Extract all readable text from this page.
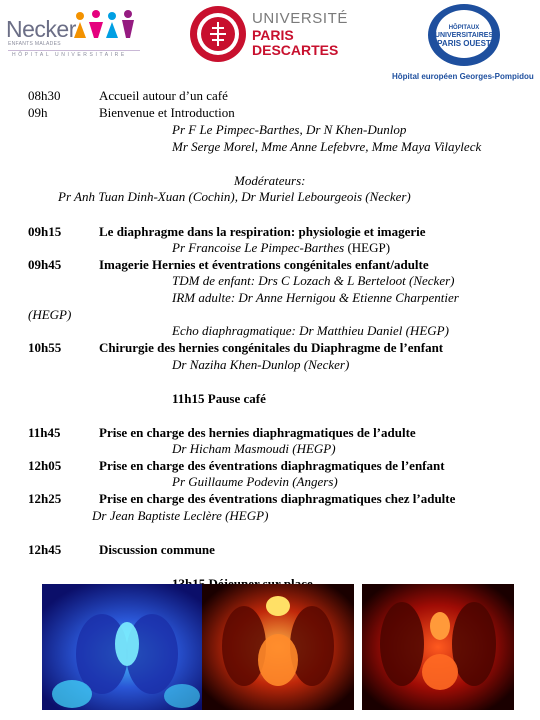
Necker
ENFANTS MALADES
HÔPITAL UNIVERSITAIRE
UNIVERSITÉ
PARIS
DESCARTES
HÔPITAUX
UNIVERSITAIRES
PARIS OUEST
Hôpital européen Georges-Pompidou
08h30	Accueil autour d’un café
09h	Bienvenue et Introduction
Pr F Le Pimpec-Barthes, Dr N Khen-Dunlop
Mr Serge Morel, Mme Anne Lefebvre, Mme Maya Vilayleck
Modérateurs:
Pr Anh Tuan Dinh-Xuan (Cochin), Dr Muriel Lebourgeois (Necker)
09h15	Le diaphragme dans la respiration: physiologie et imagerie
Pr Francoise Le Pimpec-Barthes (HEGP)
09h45	Imagerie Hernies et éventrations congénitales enfant/adulte
TDM de enfant: Drs C Lozach & L Berteloot (Necker)
IRM adulte: Dr Anne Hernigou & Etienne Charpentier
(HEGP)
Echo diaphragmatique: Dr Matthieu Daniel (HEGP)
10h55	Chirurgie des hernies congénitales du Diaphragme de l’enfant
Dr Naziha Khen-Dunlop (Necker)
11h15 Pause café
11h45	Prise en charge des hernies diaphragmatiques de l’adulte
Dr Hicham Masmoudi (HEGP)
12h05	Prise en charge des éventrations diaphragmatiques de l’enfant
Pr Guillaume Podevin (Angers)
12h25	Prise en charge des éventrations diaphragmatiques chez l’adulte
Dr Jean Baptiste Leclère (HEGP)
12h45	Discussion commune
